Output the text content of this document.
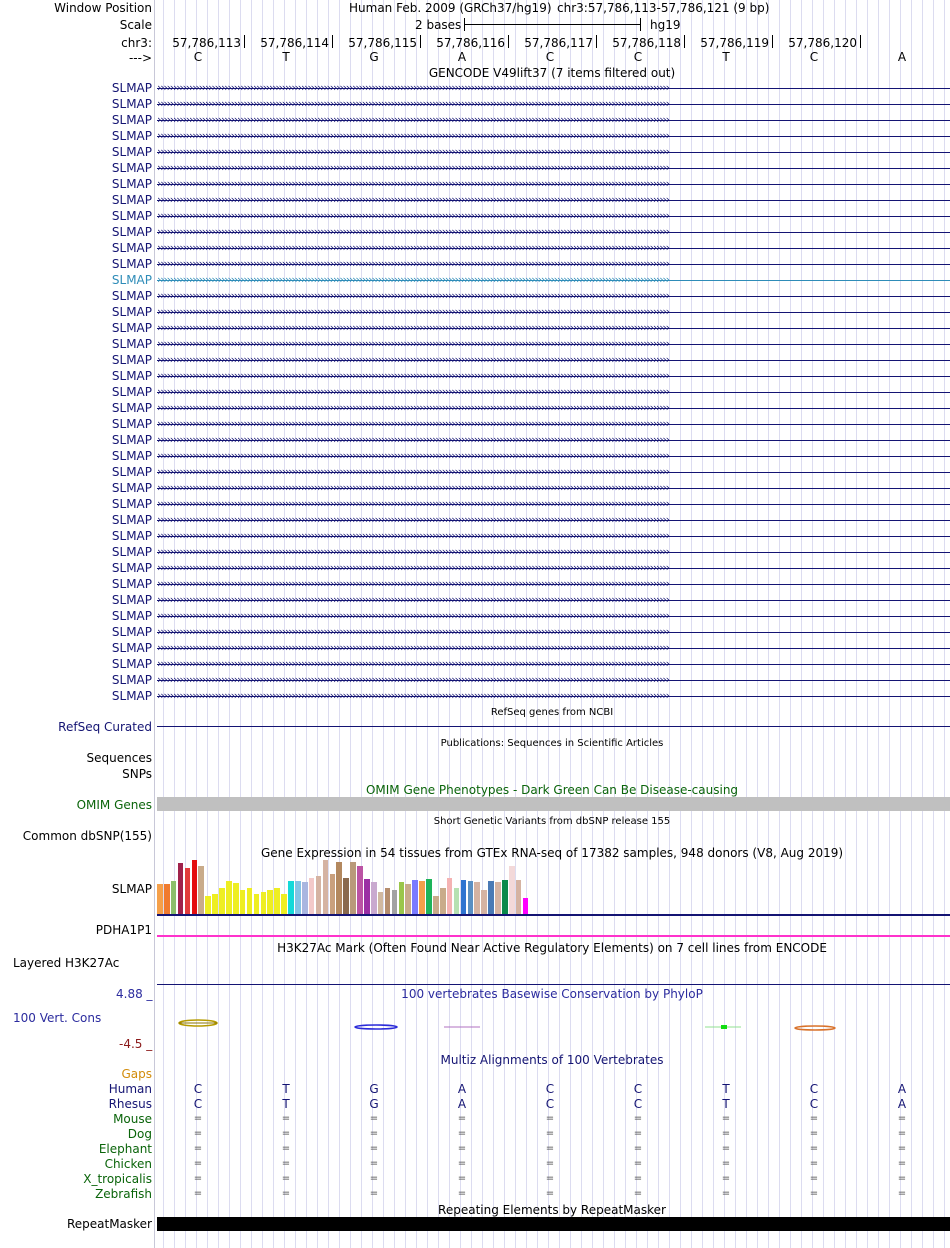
Window Position	Human Feb. 2009 (GRCh37/hg19) chr3:57,786,113-57,786,121 (9 bp)
Scale	2 bases	hg19
chr3: 57,786,113 57,786,114 57,786,115 57,786,116 57,786,117 57,786,118 57,786,119 57,786,120
--->	C	T	G	A	C	C	T	C	A
GENCODE V49lift37 (7 items filtered out)
SLMAP ››››››››››››››››››››››››››››››››››››››››››››››››››››››››››››››››››››››››››››››››››››››››››››››››››››››››››››››››››››››››››››››››››››››››››››››››››››››››››››››››
SLMAP ››››››››››››››››››››››››››››››››››››››››››››››››››››››››››››››››››››››››››››››››››››››››››››››››››››››››››››››››››››››››››››››››››››››››››››››››››››››››››››››››
SLMAP ››››››››››››››››››››››››››››››››››››››››››››››››››››››››››››››››››››››››››››››››››››››››››››››››››››››››››››››››››››››››››››››››››››››››››››››››››››››››››››››››
SLMAP ››››››››››››››››››››››››››››››››››››››››››››››››››››››››››››››››››››››››››››››››››››››››››››››››››››››››››››››››››››››››››››››››››››››››››››››››››››››››››››››››
SLMAP ››››››››››››››››››››››››››››››››››››››››››››››››››››››››››››››››››››››››››››››››››››››››››››››››››››››››››››››››››››››››››››››››››››››››››››››››››››››››››››››››
SLMAP ››››››››››››››››››››››››››››››››››››››››››››››››››››››››››››››››››››››››››››››››››››››››››››››››››››››››››››››››››››››››››››››››››››››››››››››››››››››››››››››››
SLMAP ››››››››››››››››››››››››››››››››››››››››››››››››››››››››››››››››››››››››››››››››››››››››››››››››››››››››››››››››››››››››››››››››››››››››››››››››››››››››››››››››
SLMAP ››››››››››››››››››››››››››››››››››››››››››››››››››››››››››››››››››››››››››››››››››››››››››››››››››››››››››››››››››››››››››››››››››››››››››››››››››››››››››››››››
SLMAP ››››››››››››››››››››››››››››››››››››››››››››››››››››››››››››››››››››››››››››››››››››››››››››››››››››››››››››››››››››››››››››››››››››››››››››››››››››››››››››››››
SLMAP ››››››››››››››››››››››››››››››››››››››››››››››››››››››››››››››››››››››››››››››››››››››››››››››››››››››››››››››››››››››››››››››››››››››››››››››››››››››››››››››››
SLMAP ››››››››››››››››››››››››››››››››››››››››››››››››››››››››››››››››››››››››››››››››››››››››››››››››››››››››››››››››››››››››››››››››››››››››››››››››››››››››››››››››
SLMAP ››››››››››››››››››››››››››››››››››››››››››››››››››››››››››››››››››››››››››››››››››››››››››››››››››››››››››››››››››››››››››››››››››››››››››››››››››››››››››››››››
SLMAP ››››››››››››››››››››››››››››››››››››››››››››››››››››››››››››››››››››››››››››››››››››››››››››››››››››››››››››››››››››››››››››››››››››››››››››››››››››››››››››››››
SLMAP ››››››››››››››››››››››››››››››››››››››››››››››››››››››››››››››››››››››››››››››››››››››››››››››››››››››››››››››››››››››››››››››››››››››››››››››››››››››››››››››››
SLMAP ››››››››››››››››››››››››››››››››››››››››››››››››››››››››››››››››››››››››››››››››››››››››››››››››››››››››››››››››››››››››››››››››››››››››››››››››››››››››››››››››
SLMAP ››››››››››››››››››››››››››››››››››››››››››››››››››››››››››››››››››››››››››››››››››››››››››››››››››››››››››››››››››››››››››››››››››››››››››››››››››››››››››››››››
SLMAP ››››››››››››››››››››››››››››››››››››››››››››››››››››››››››››››››››››››››››››››››››››››››››››››››››››››››››››››››››››››››››››››››››››››››››››››››››››››››››››››››
SLMAP ››››››››››››››››››››››››››››››››››››››››››››››››››››››››››››››››››››››››››››››››››››››››››››››››››››››››››››››››››››››››››››››››››››››››››››››››››››››››››››››››
SLMAP ››››››››››››››››››››››››››››››››››››››››››››››››››››››››››››››››››››››››››››››››››››››››››››››››››››››››››››››››››››››››››››››››››››››››››››››››››››››››››››››››
SLMAP ››››››››››››››››››››››››››››››››››››››››››››››››››››››››››››››››››››››››››››››››››››››››››››››››››››››››››››››››››››››››››››››››››››››››››››››››››››››››››››››››
SLMAP ››››››››››››››››››››››››››››››››››››››››››››››››››››››››››››››››››››››››››››››››››››››››››››››››››››››››››››››››››››››››››››››››››››››››››››››››››››››››››››››››
SLMAP ››››››››››››››››››››››››››››››››››››››››››››››››››››››››››››››››››››››››››››››››››››››››››››››››››››››››››››››››››››››››››››››››››››››››››››››››››››››››››››››››
SLMAP ››››››››››››››››››››››››››››››››››››››››››››››››››››››››››››››››››››››››››››››››››››››››››››››››››››››››››››››››››››››››››››››››››››››››››››››››››››››››››››››››
SLMAP ››››››››››››››››››››››››››››››››››››››››››››››››››››››››››››››››››››››››››››››››››››››››››››››››››››››››››››››››››››››››››››››››››››››››››››››››››››››››››››››››
SLMAP ››››››››››››››››››››››››››››››››››››››››››››››››››››››››››››››››››››››››››››››››››››››››››››››››››››››››››››››››››››››››››››››››››››››››››››››››››››››››››››››››
SLMAP ››››››››››››››››››››››››››››››››››››››››››››››››››››››››››››››››››››››››››››››››››››››››››››››››››››››››››››››››››››››››››››››››››››››››››››››››››››››››››››››››
SLMAP ››››››››››››››››››››››››››››››››››››››››››››››››››››››››››››››››››››››››››››››››››››››››››››››››››››››››››››››››››››››››››››››››››››››››››››››››››››››››››››››››
SLMAP ››››››››››››››››››››››››››››››››››››››››››››››››››››››››››››››››››››››››››››››››››››››››››››››››››››››››››››››››››››››››››››››››››››››››››››››››››››››››››››››››
SLMAP ››››››››››››››››››››››››››››››››››››››››››››››››››››››››››››››››››››››››››››››››››››››››››››››››››››››››››››››››››››››››››››››››››››››››››››››››››››››››››››››››
SLMAP ››››››››››››››››››››››››››››››››››››››››››››››››››››››››››››››››››››››››››››››››››››››››››››››››››››››››››››››››››››››››››››››››››››››››››››››››››››››››››››››››
SLMAP ››››››››››››››››››››››››››››››››››››››››››››››››››››››››››››››››››››››››››››››››››››››››››››››››››››››››››››››››››››››››››››››››››››››››››››››››››››››››››››››››
SLMAP ››››››››››››››››››››››››››››››››››››››››››››››››››››››››››››››››››››››››››››››››››››››››››››››››››››››››››››››››››››››››››››››››››››››››››››››››››››››››››››››››
SLMAP ››››››››››››››››››››››››››››››››››››››››››››››››››››››››››››››››››››››››››››››››››››››››››››››››››››››››››››››››››››››››››››››››››››››››››››››››››››››››››››››››
SLMAP ››››››››››››››››››››››››››››››››››››››››››››››››››››››››››››››››››››››››››››››››››››››››››››››››››››››››››››››››››››››››››››››››››››››››››››››››››››››››››››››››
SLMAP ››››››››››››››››››››››››››››››››››››››››››››››››››››››››››››››››››››››››››››››››››››››››››››››››››››››››››››››››››››››››››››››››››››››››››››››››››››››››››››››››
SLMAP ››››››››››››››››››››››››››››››››››››››››››››››››››››››››››››››››››››››››››››››››››››››››››››››››››››››››››››››››››››››››››››››››››››››››››››››››››››››››››››››››
SLMAP ››››››››››››››››››››››››››››››››››››››››››››››››››››››››››››››››››››››››››››››››››››››››››››››››››››››››››››››››››››››››››››››››››››››››››››››››››››››››››››››››
SLMAP ››››››››››››››››››››››››››››››››››››››››››››››››››››››››››››››››››››››››››››››››››››››››››››››››››››››››››››››››››››››››››››››››››››››››››››››››››››››››››››››››
SLMAP ››››››››››››››››››››››››››››››››››››››››››››››››››››››››››››››››››››››››››››››››››››››››››››››››››››››››››››››››››››››››››››››››››››››››››››››››››››››››››››››››
RefSeq genes from NCBI
RefSeq Curated
Publications: Sequences in Scientific Articles
Sequences
SNPs
OMIM Gene Phenotypes - Dark Green Can Be Disease-causing
OMIM Genes
Short Genetic Variants from dbSNP release 155
Common dbSNP(155)
Gene Expression in 54 tissues from GTEx RNA-seq of 17382 samples, 948 donors (V8, Aug 2019)
SLMAP
PDHA1P1
H3K27Ac Mark (Often Found Near Active Regulatory Elements) on 7 cell lines from ENCODE
Layered H3K27Ac
100 vertebrates Basewise Conservation by PhyloP
4.88 _
100 Vert. Cons
-4.5 _
Multiz Alignments of 100 Vertebrates
Gaps
Human	C	T	G	A	C	C	T	C	A
Rhesus	C	T	G	A	C	C	T	C	A
Mouse	=	=	=	=	=	=	=	=	=
Dog	=	=	=	=	=	=	=	=	=
Elephant	=	=	=	=	=	=	=	=	=
Chicken	=	=	=	=	=	=	=	=	=
X_tropicalis	=	=	=	=	=	=	=	=	=
Zebrafish	=	=	=	=	=	=	=	=	=
Repeating Elements by RepeatMasker
RepeatMasker
